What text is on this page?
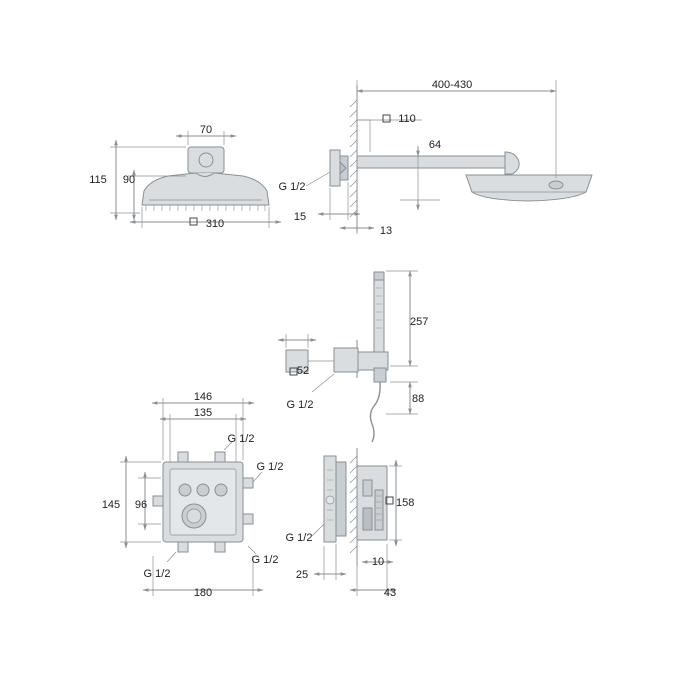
70
115 90
310
400-430
110
64
G 1/2
15
13
257
52
88
G 1/2
146
135
G 1/2
G 1/2
145 96
G 1/2
G 1/2
180
158
G 1/2
10
25
43
